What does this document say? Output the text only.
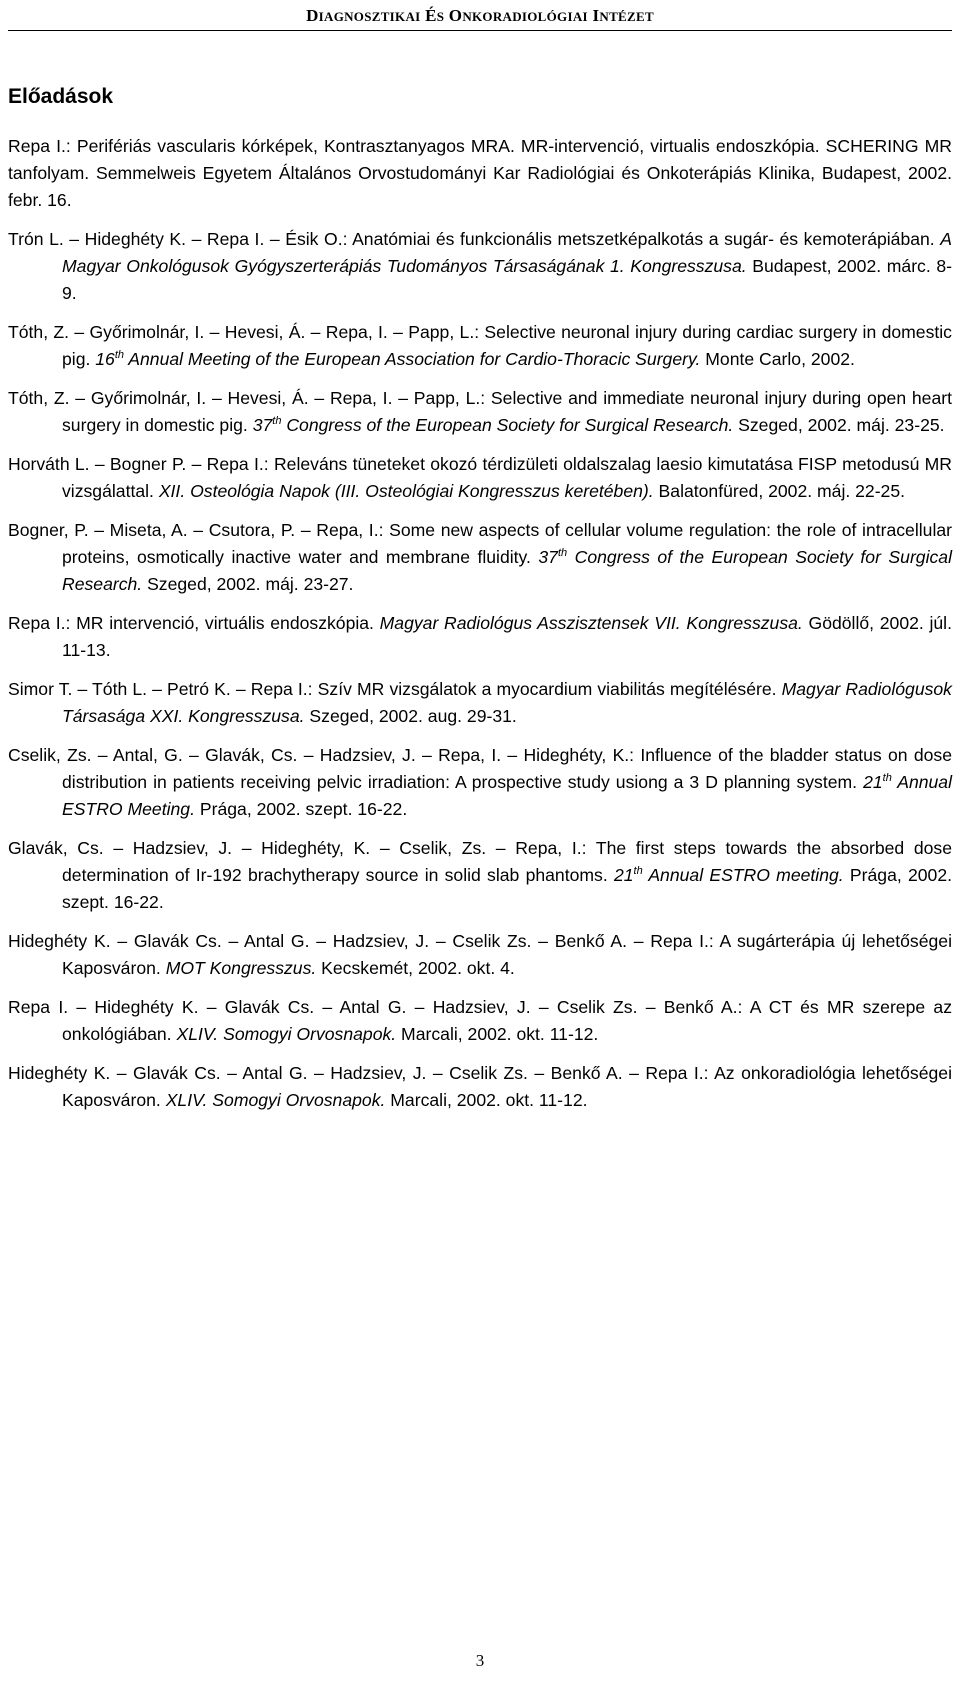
DIAGNOSZTIKAI ÉS ONKORADIOLÓGIAI INTÉZET
Előadások

Repa I.: Perifériás vascularis kórképek, Kontrasztanyagos MRA. MR-intervenció, virtualis endoszkópia. SCHERING MR tanfolyam. Semmelweis Egyetem Általános Orvostudományi Kar Radiológiai és Onkoterápiás Klinika, Budapest, 2002. febr. 16.

Trón L. – Hideghéty K. – Repa I. – Ésik O.: Anatómiai és funkcionális metszetképalkotás a sugár- és kemoterápiában. A Magyar Onkológusok Gyógyszerterápiás Tudományos Társaságának 1. Kongresszusa. Budapest, 2002. márc. 8-9.

Tóth, Z. – Győrimolnár, I. – Hevesi, Á. – Repa, I. – Papp, L.: Selective neuronal injury during cardiac surgery in domestic pig. 16th Annual Meeting of the European Association for Cardio-Thoracic Surgery. Monte Carlo, 2002.

Tóth, Z. – Győrimolnár, I. – Hevesi, Á. – Repa, I. – Papp, L.: Selective and immediate neuronal injury during open heart surgery in domestic pig. 37th Congress of the European Society for Surgical Research. Szeged, 2002. máj. 23-25.

Horváth L. – Bogner P. – Repa I.: Releváns tüneteket okozó térdizületi oldalszalag laesio kimutatása FISP metodusú MR vizsgálattal. XII. Osteológia Napok (III. Osteológiai Kongresszus keretében). Balatonfüred, 2002. máj. 22-25.

Bogner, P. – Miseta, A. – Csutora, P. – Repa, I.: Some new aspects of cellular volume regulation: the role of intracellular proteins, osmotically inactive water and membrane fluidity. 37th Congress of the European Society for Surgical Research. Szeged, 2002. máj. 23-27.

Repa I.: MR intervenció, virtuális endoszkópia. Magyar Radiológus Asszisztensek VII. Kongresszusa. Gödöllő, 2002. júl. 11-13.

Simor T. – Tóth L. – Petró K. – Repa I.: Szív MR vizsgálatok a myocardium viabilitás megítélésére. Magyar Radiológusok Társasága XXI. Kongresszusa. Szeged, 2002. aug. 29-31.

Cselik, Zs. – Antal, G. – Glavák, Cs. – Hadzsiev, J. – Repa, I. – Hideghéty, K.: Influence of the bladder status on dose distribution in patients receiving pelvic irradiation: A prospective study usiong a 3 D planning system. 21th Annual ESTRO Meeting. Prága, 2002. szept. 16-22.

Glavák, Cs. – Hadzsiev, J. – Hideghéty, K. – Cselik, Zs. – Repa, I.: The first steps towards the absorbed dose determination of Ir-192 brachytherapy source in solid slab phantoms. 21th Annual ESTRO meeting. Prága, 2002. szept. 16-22.

Hideghéty K. – Glavák Cs. – Antal G. – Hadzsiev, J. – Cselik Zs. – Benkő A. – Repa I.: A sugárterápia új lehetőségei Kaposváron. MOT Kongresszus. Kecskemét, 2002. okt. 4.

Repa I. – Hideghéty K. – Glavák Cs. – Antal G. – Hadzsiev, J. – Cselik Zs. – Benkő A.: A CT és MR szerepe az onkológiában. XLIV. Somogyi Orvosnapok. Marcali, 2002. okt. 11-12.

Hideghéty K. – Glavák Cs. – Antal G. – Hadzsiev, J. – Cselik Zs. – Benkő A. – Repa I.: Az onkoradiológia lehetőségei Kaposváron. XLIV. Somogyi Orvosnapok. Marcali, 2002. okt. 11-12.

3
